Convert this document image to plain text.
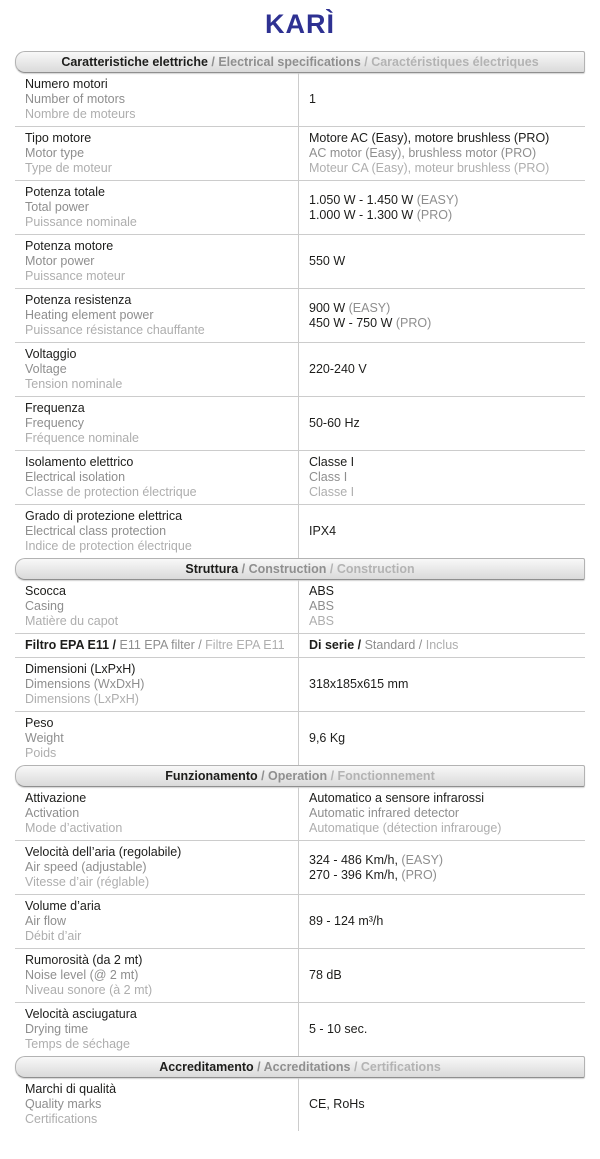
KARÌ
Caratteristiche elettriche / Electrical specifications / Caractéristiques électriques
Numero motori
Number of motors
Nombre de moteurs
1
Tipo motore
Motor type
Type de moteur
Motore AC (Easy), motore brushless (PRO)
AC motor (Easy), brushless motor (PRO)
Moteur CA (Easy), moteur brushless (PRO)
Potenza totale
Total power
Puissance nominale
1.050 W - 1.450 W (EASY)
1.000 W - 1.300 W (PRO)
Potenza motore
Motor power
Puissance moteur
550 W
Potenza resistenza
Heating element power
Puissance résistance chauffante
900 W (EASY)
450 W - 750 W (PRO)
Voltaggio
Voltage
Tension nominale
220-240 V
Frequenza
Frequency
Fréquence nominale
50-60 Hz
Isolamento elettrico
Electrical isolation
Classe de protection électrique
Classe I
Class I
Classe I
Grado di protezione elettrica
Electrical class protection
Indice de protection électrique
IPX4
Struttura / Construction / Construction
Scocca
Casing
Matière du capot
ABS
ABS
ABS
Filtro EPA E11 / E11 EPA filter / Filtre EPA E11	Di serie / Standard / Inclus
Dimensioni (LxPxH)
Dimensions (WxDxH)
Dimensions (LxPxH)
318x185x615 mm
Peso
Weight
Poids
9,6 Kg
Funzionamento / Operation / Fonctionnement
Attivazione
Activation
Mode d’activation
Automatico a sensore infrarossi
Automatic infrared detector
Automatique (détection infrarouge)
Velocità dell’aria (regolabile)
Air speed (adjustable)
Vitesse d’air (réglable)
324 - 486 Km/h, (EASY)
270 - 396 Km/h, (PRO)
Volume d’aria
Air flow
Débit d’air
89 - 124 m³/h
Rumorosità (da 2 mt)
Noise level (@ 2 mt)
Niveau sonore (à 2 mt)
78 dB
Velocità asciugatura
Drying time
Temps de séchage
5 - 10 sec.
Accreditamento / Accreditations / Certifications
Marchi di qualità
Quality marks
Certifications
CE, RoHs
